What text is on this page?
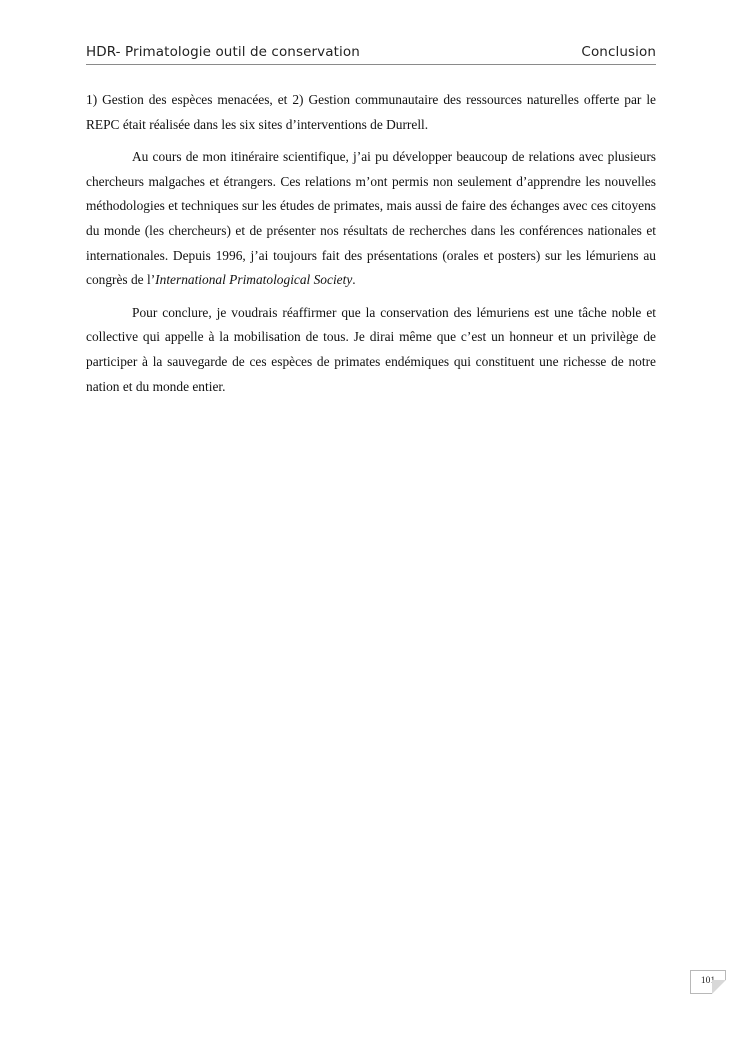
HDR- Primatologie outil de conservation	Conclusion

1) Gestion des espèces menacées, et 2) Gestion communautaire des ressources naturelles offerte par le REPC était réalisée dans les six sites d’interventions de Durrell.

Au cours de mon itinéraire scientifique, j’ai pu développer beaucoup de relations avec plusieurs chercheurs malgaches et étrangers. Ces relations m’ont permis non seulement d’apprendre les nouvelles méthodologies et techniques sur les études de primates, mais aussi de faire des échanges avec ces citoyens du monde (les chercheurs) et de présenter nos résultats de recherches dans les conférences nationales et internationales. Depuis 1996, j’ai toujours fait des présentations (orales et posters) sur les lémuriens au congrès de l’International Primatological Society.

Pour conclure, je voudrais réaffirmer que la conservation des lémuriens est une tâche noble et collective qui appelle à la mobilisation de tous. Je dirai même que c’est un honneur et un privilège de participer à la sauvegarde de ces espèces de primates endémiques qui constituent une richesse de notre nation et du monde entier.

101
